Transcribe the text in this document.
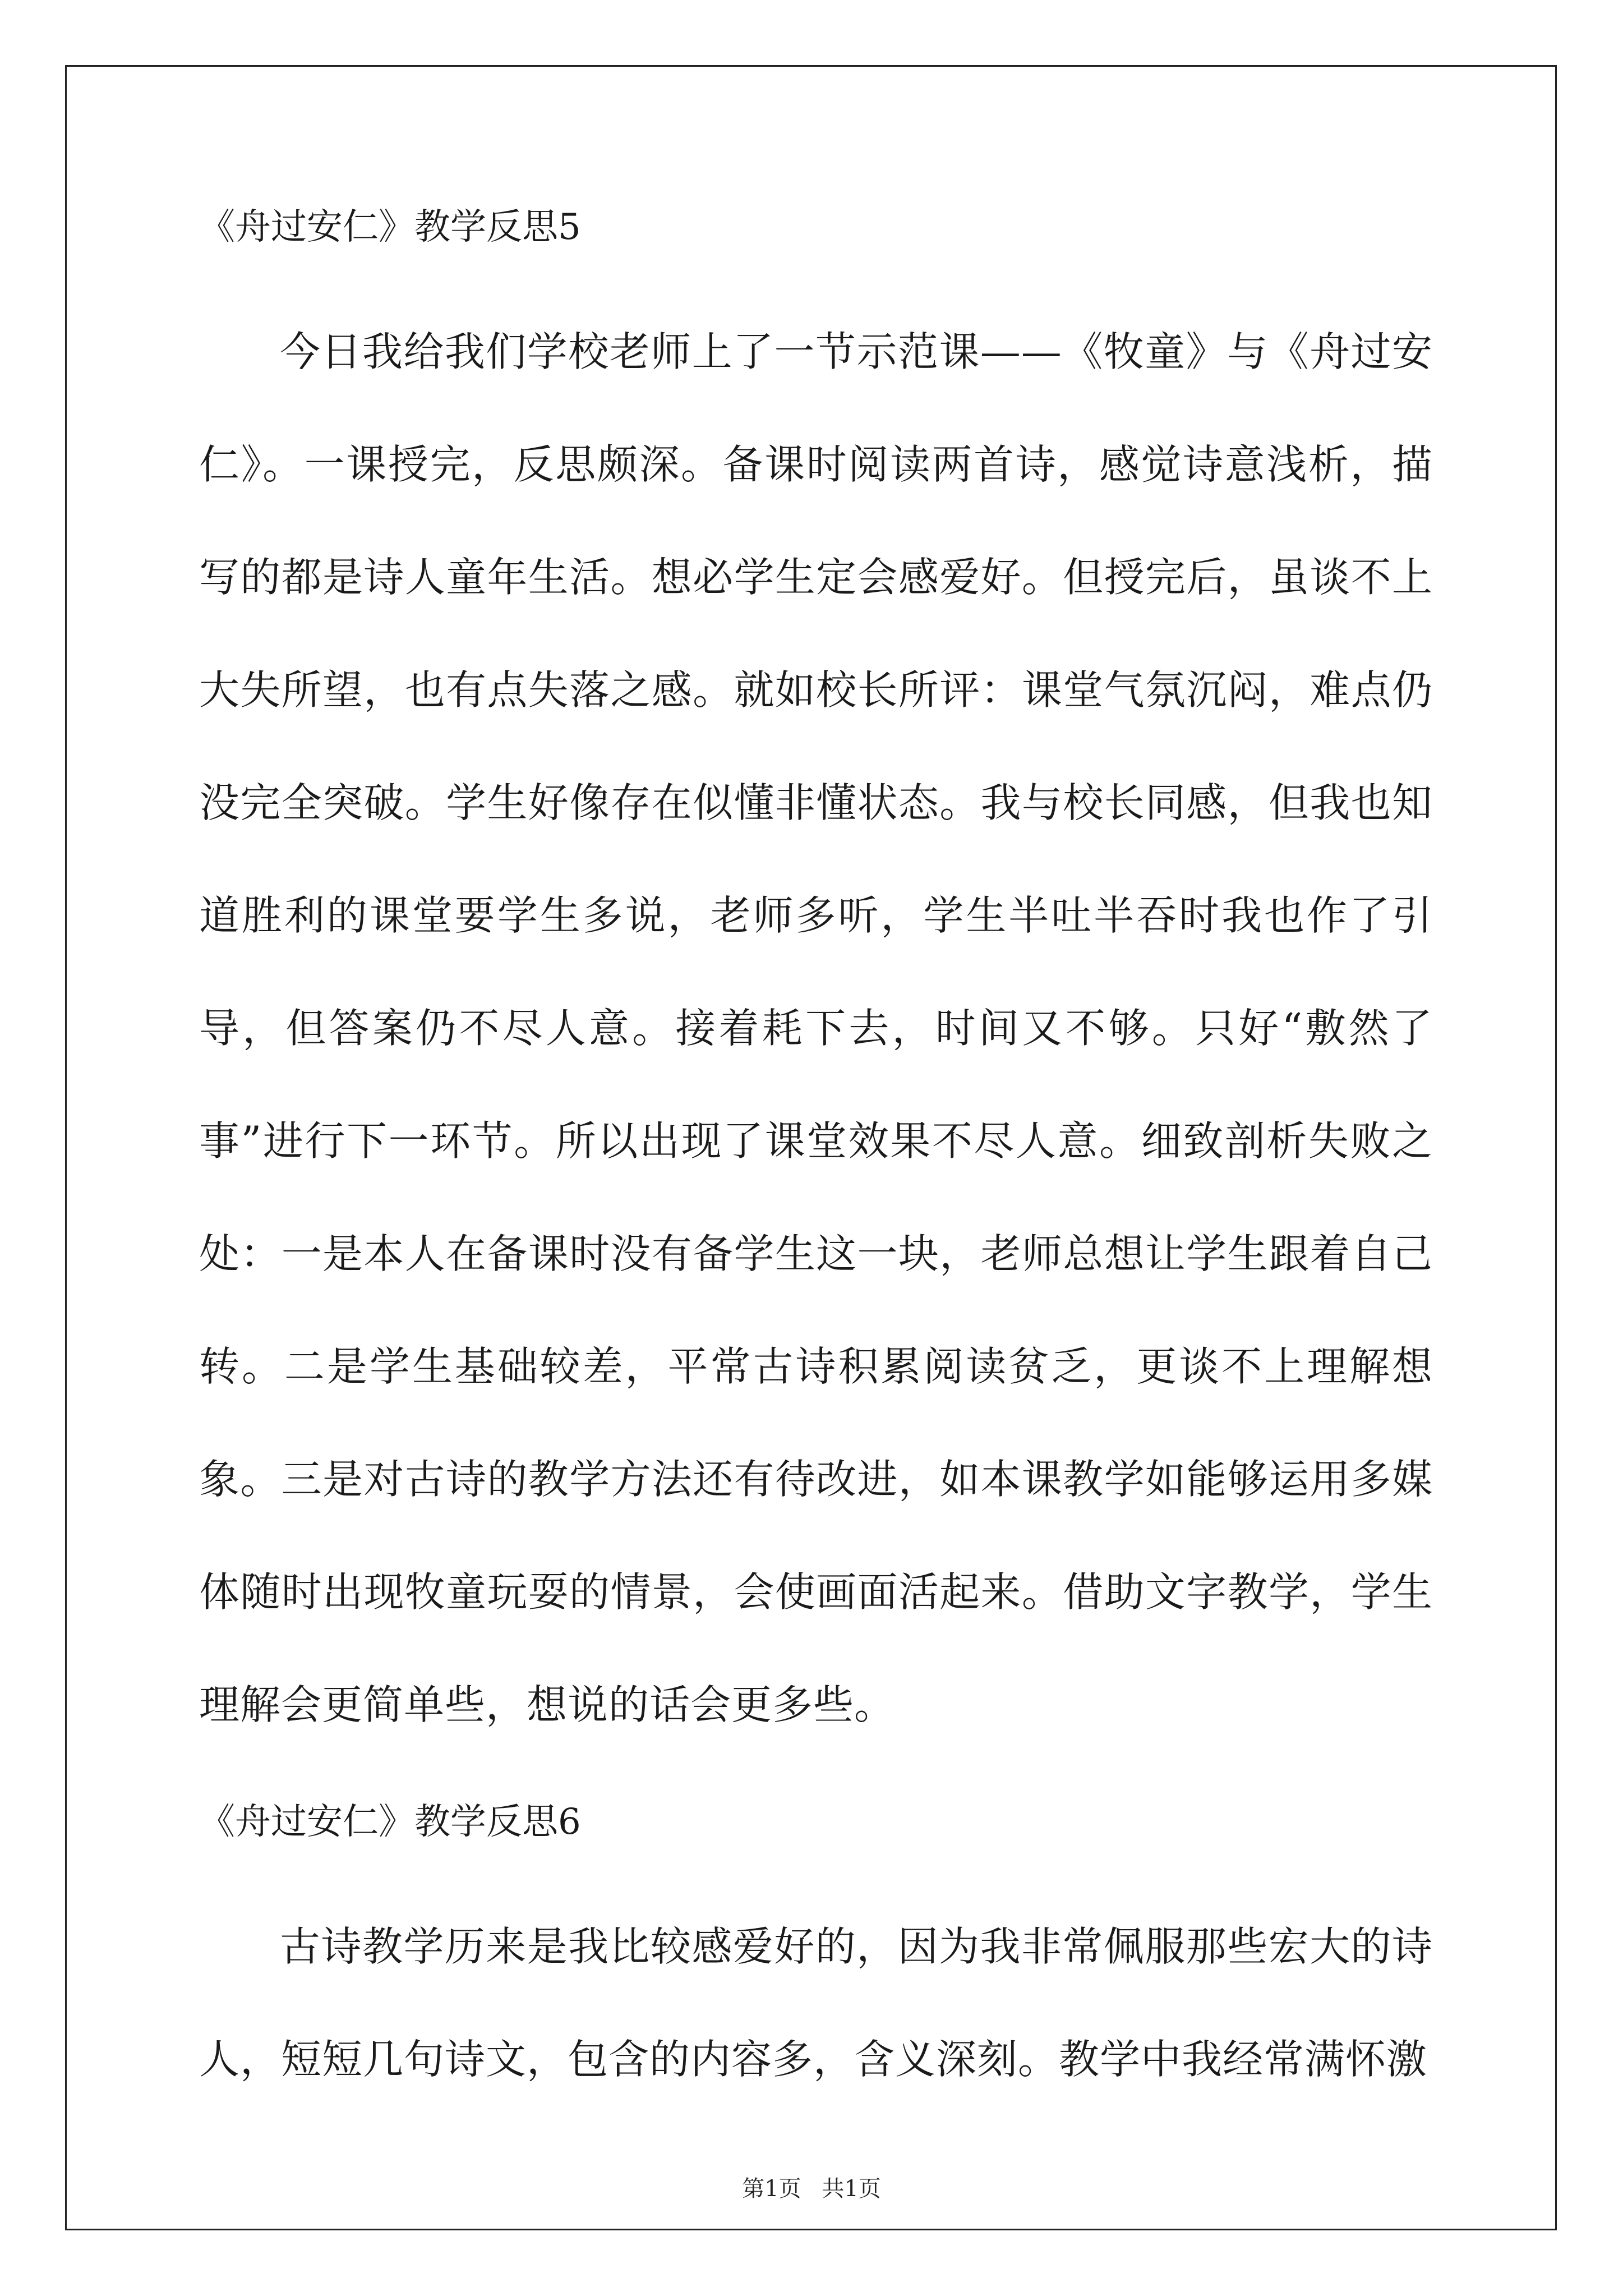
《舟过安仁》教学反思5

今日我给我们学校老师上了一节示范课——《牧童》与《舟过安仁》。一课授完，反思颇深。备课时阅读两首诗，感觉诗意浅析，描写的都是诗人童年生活。想必学生定会感爱好。但授完后，虽谈不上大失所望，也有点失落之感。就如校长所评：课堂气氛沉闷，难点仍没完全突破。学生好像存在似懂非懂状态。我与校长同感，但我也知道胜利的课堂要学生多说，老师多听，学生半吐半吞时我也作了引导，但答案仍不尽人意。接着耗下去，时间又不够。只好“敷然了事”进行下一环节。所以出现了课堂效果不尽人意。细致剖析失败之处：一是本人在备课时没有备学生这一块，老师总想让学生跟着自己转。二是学生基础较差，平常古诗积累阅读贫乏，更谈不上理解想象。三是对古诗的教学方法还有待改进，如本课教学如能够运用多媒体随时出现牧童玩耍的情景，会使画面活起来。借助文字教学，学生理解会更简单些，想说的话会更多些。

《舟过安仁》教学反思6

古诗教学历来是我比较感爱好的，因为我非常佩服那些宏大的诗人，短短几句诗文，包含的内容多，含义深刻。教学中我经常满怀激

第1页 共1页
